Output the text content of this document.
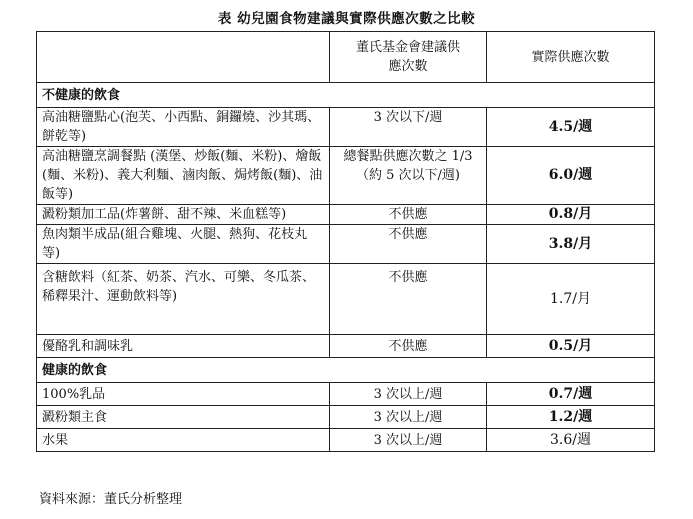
表 幼兒園食物建議與實際供應次數之比較
	董氏基金會建議供應次數	實際供應次數
不健康的飲食		
高油糖鹽點心(泡芙、小西點、銅鑼燒、沙其瑪、餅乾等)	3 次以下/週	4.5/週
高油糖鹽烹調餐點 (漢堡、炒飯(麵、米粉)、燴飯(麵、米粉)、義大利麵、滷肉飯、焗烤飯(麵)、油飯等)	總餐點供應次數之 1/3（約 5 次以下/週)	6.0/週
澱粉類加工品(炸薯餅、甜不辣、米血糕等)	不供應	0.8/月
魚肉類半成品(組合雞塊、火腿、熱狗、花枝丸等)	不供應	3.8/月
含糖飲料（紅茶、奶茶、汽水、可樂、冬瓜茶、稀釋果汁、運動飲料等)	不供應	1.7/月
優酪乳和調味乳	不供應	0.5/月
健康的飲食		
100%乳品	3 次以上/週	0.7/週
澱粉類主食	3 次以上/週	1.2/週
水果	3 次以上/週	3.6/週
資料來源：董氏分析整理
